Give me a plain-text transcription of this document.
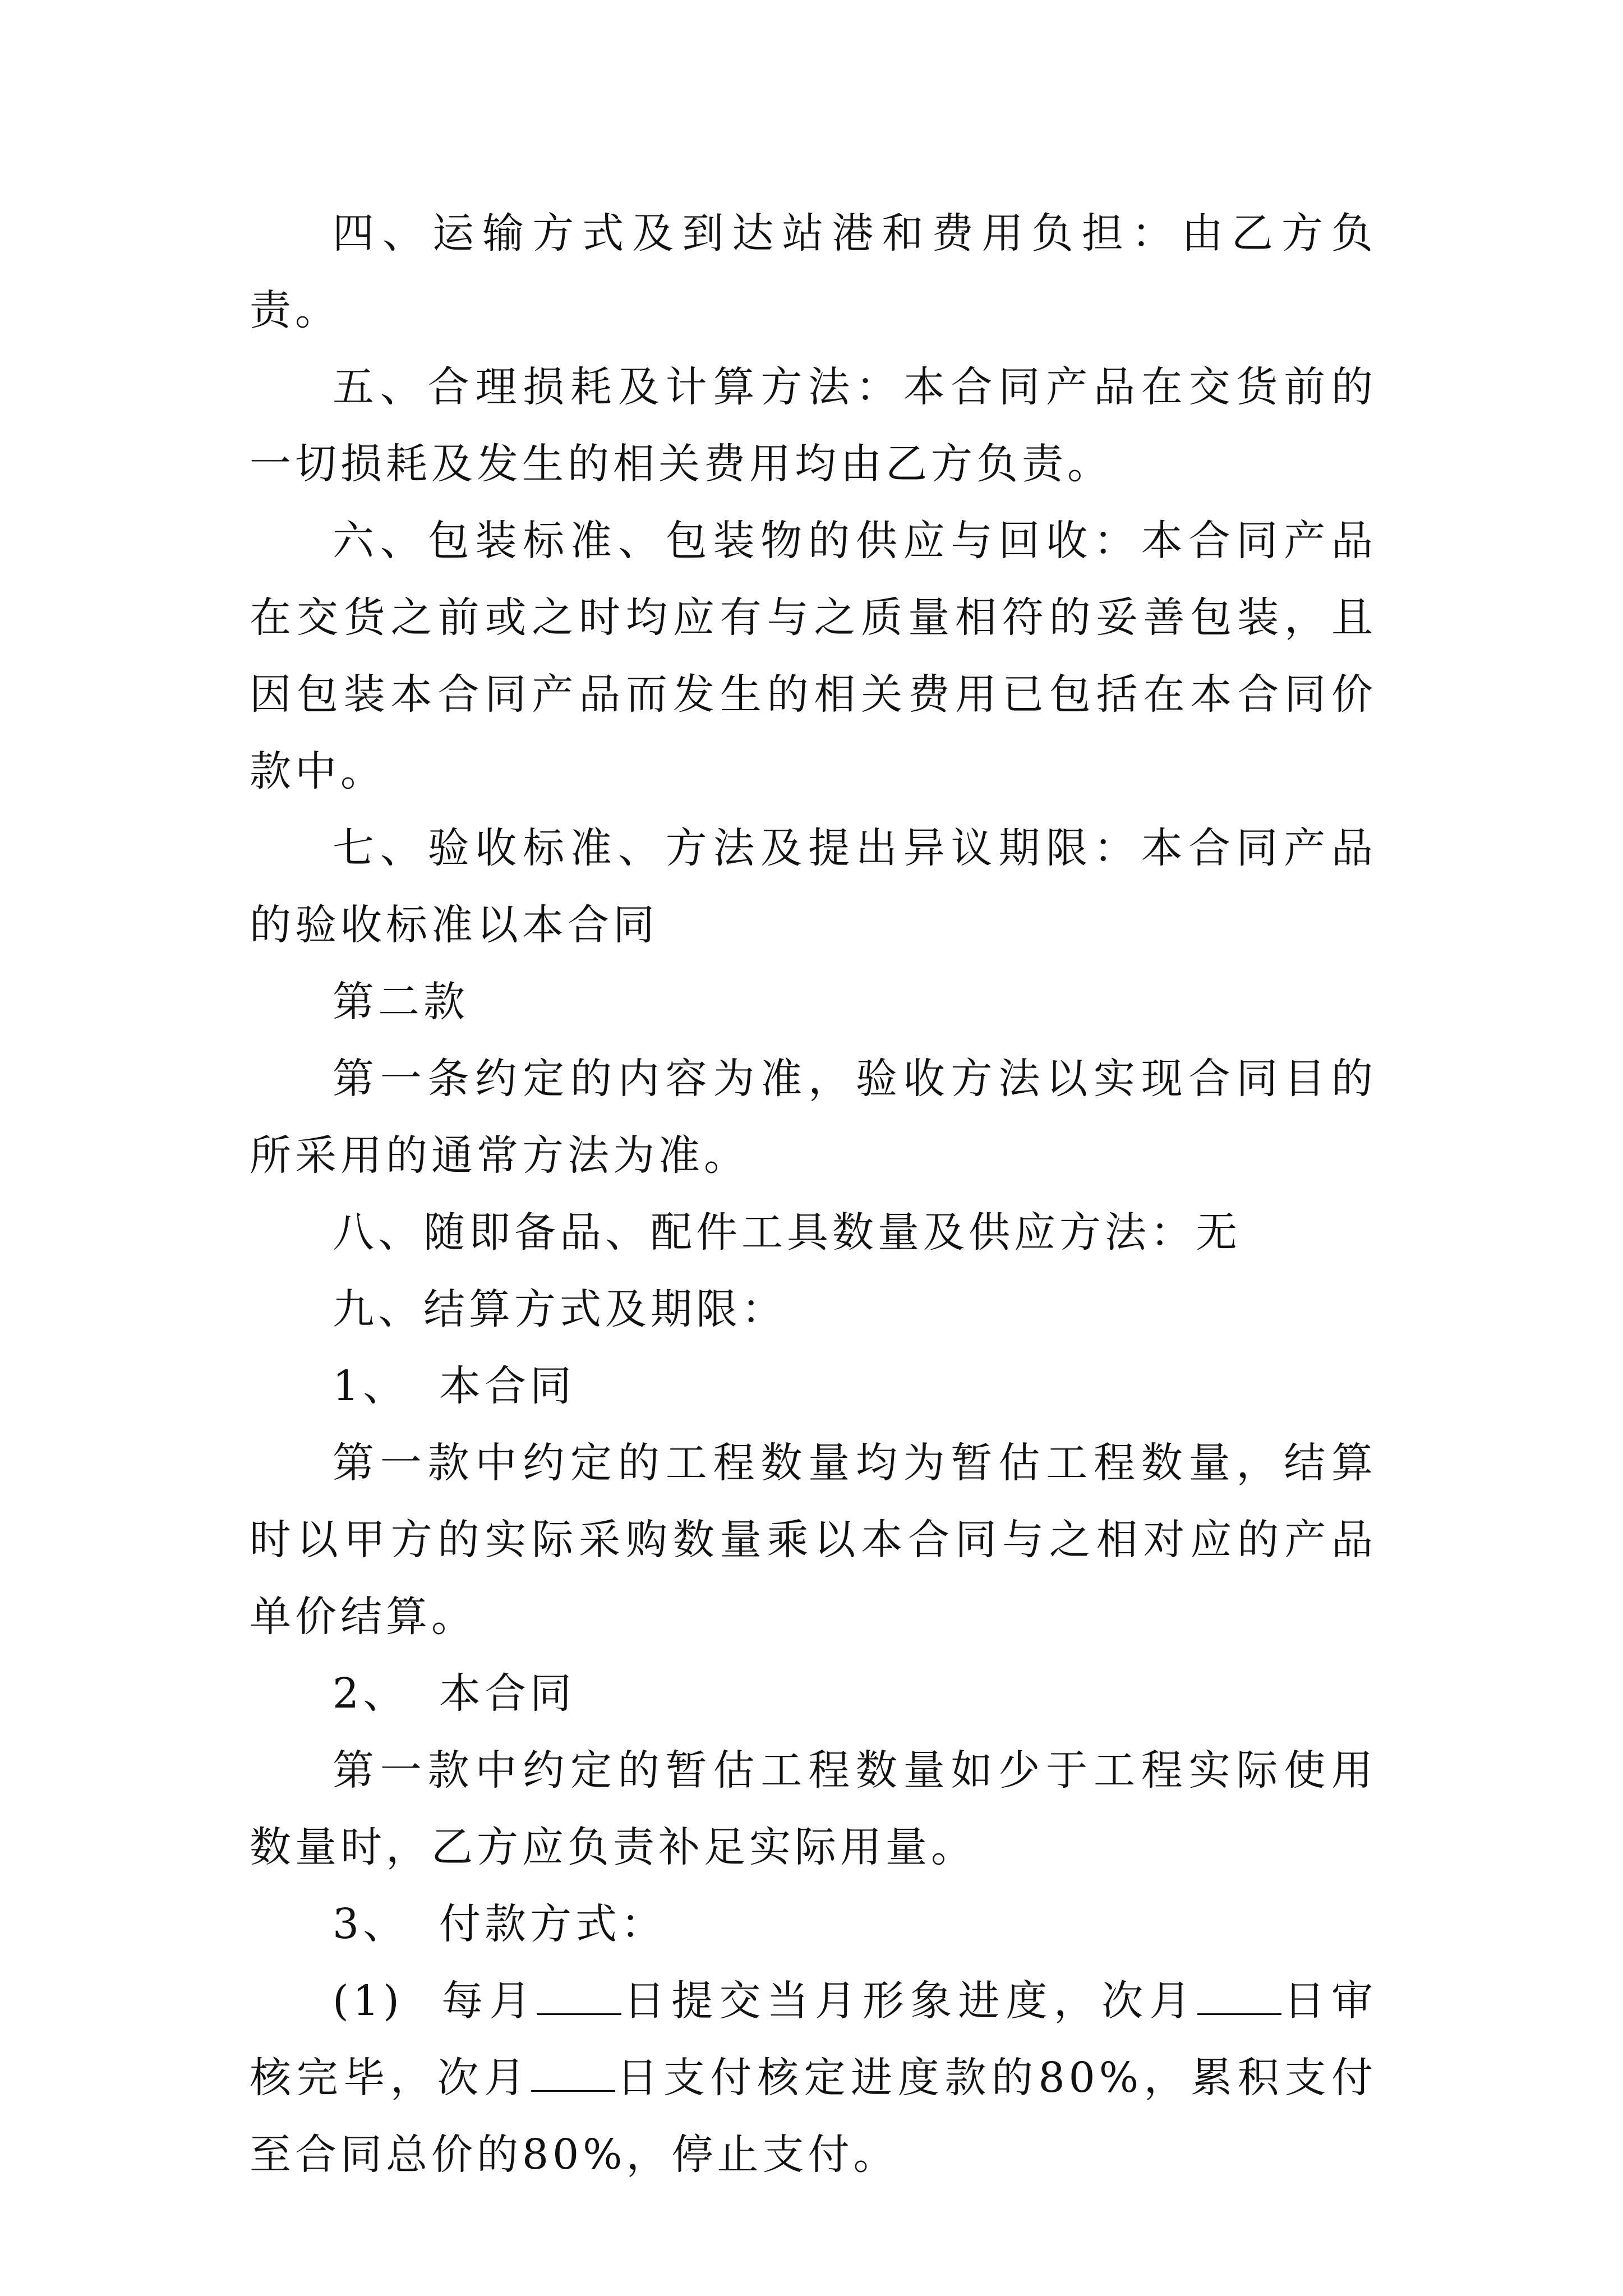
四、运输方式及到达站港和费用负担：由乙方负责。

五、合理损耗及计算方法：本合同产品在交货前的一切损耗及发生的相关费用均由乙方负责。

六、包装标准、包装物的供应与回收：本合同产品在交货之前或之时均应有与之质量相符的妥善包装，且因包装本合同产品而发生的相关费用已包括在本合同价款中。

七、验收标准、方法及提出异议期限：本合同产品的验收标准以本合同

第二款

第一条约定的内容为准，验收方法以实现合同目的所采用的通常方法为准。

八、随即备品、配件工具数量及供应方法：无

九、结算方式及期限：

1、 本合同

第一款中约定的工程数量均为暂估工程数量，结算时以甲方的实际采购数量乘以本合同与之相对应的产品单价结算。

2、 本合同

第一款中约定的暂估工程数量如少于工程实际使用数量时，乙方应负责补足实际用量。

3、 付款方式：

(1) 每月 日提交当月形象进度，次月 日审核完毕，次月 日支付核定进度款的80%，累积支付至合同总价的80%，停止支付。
